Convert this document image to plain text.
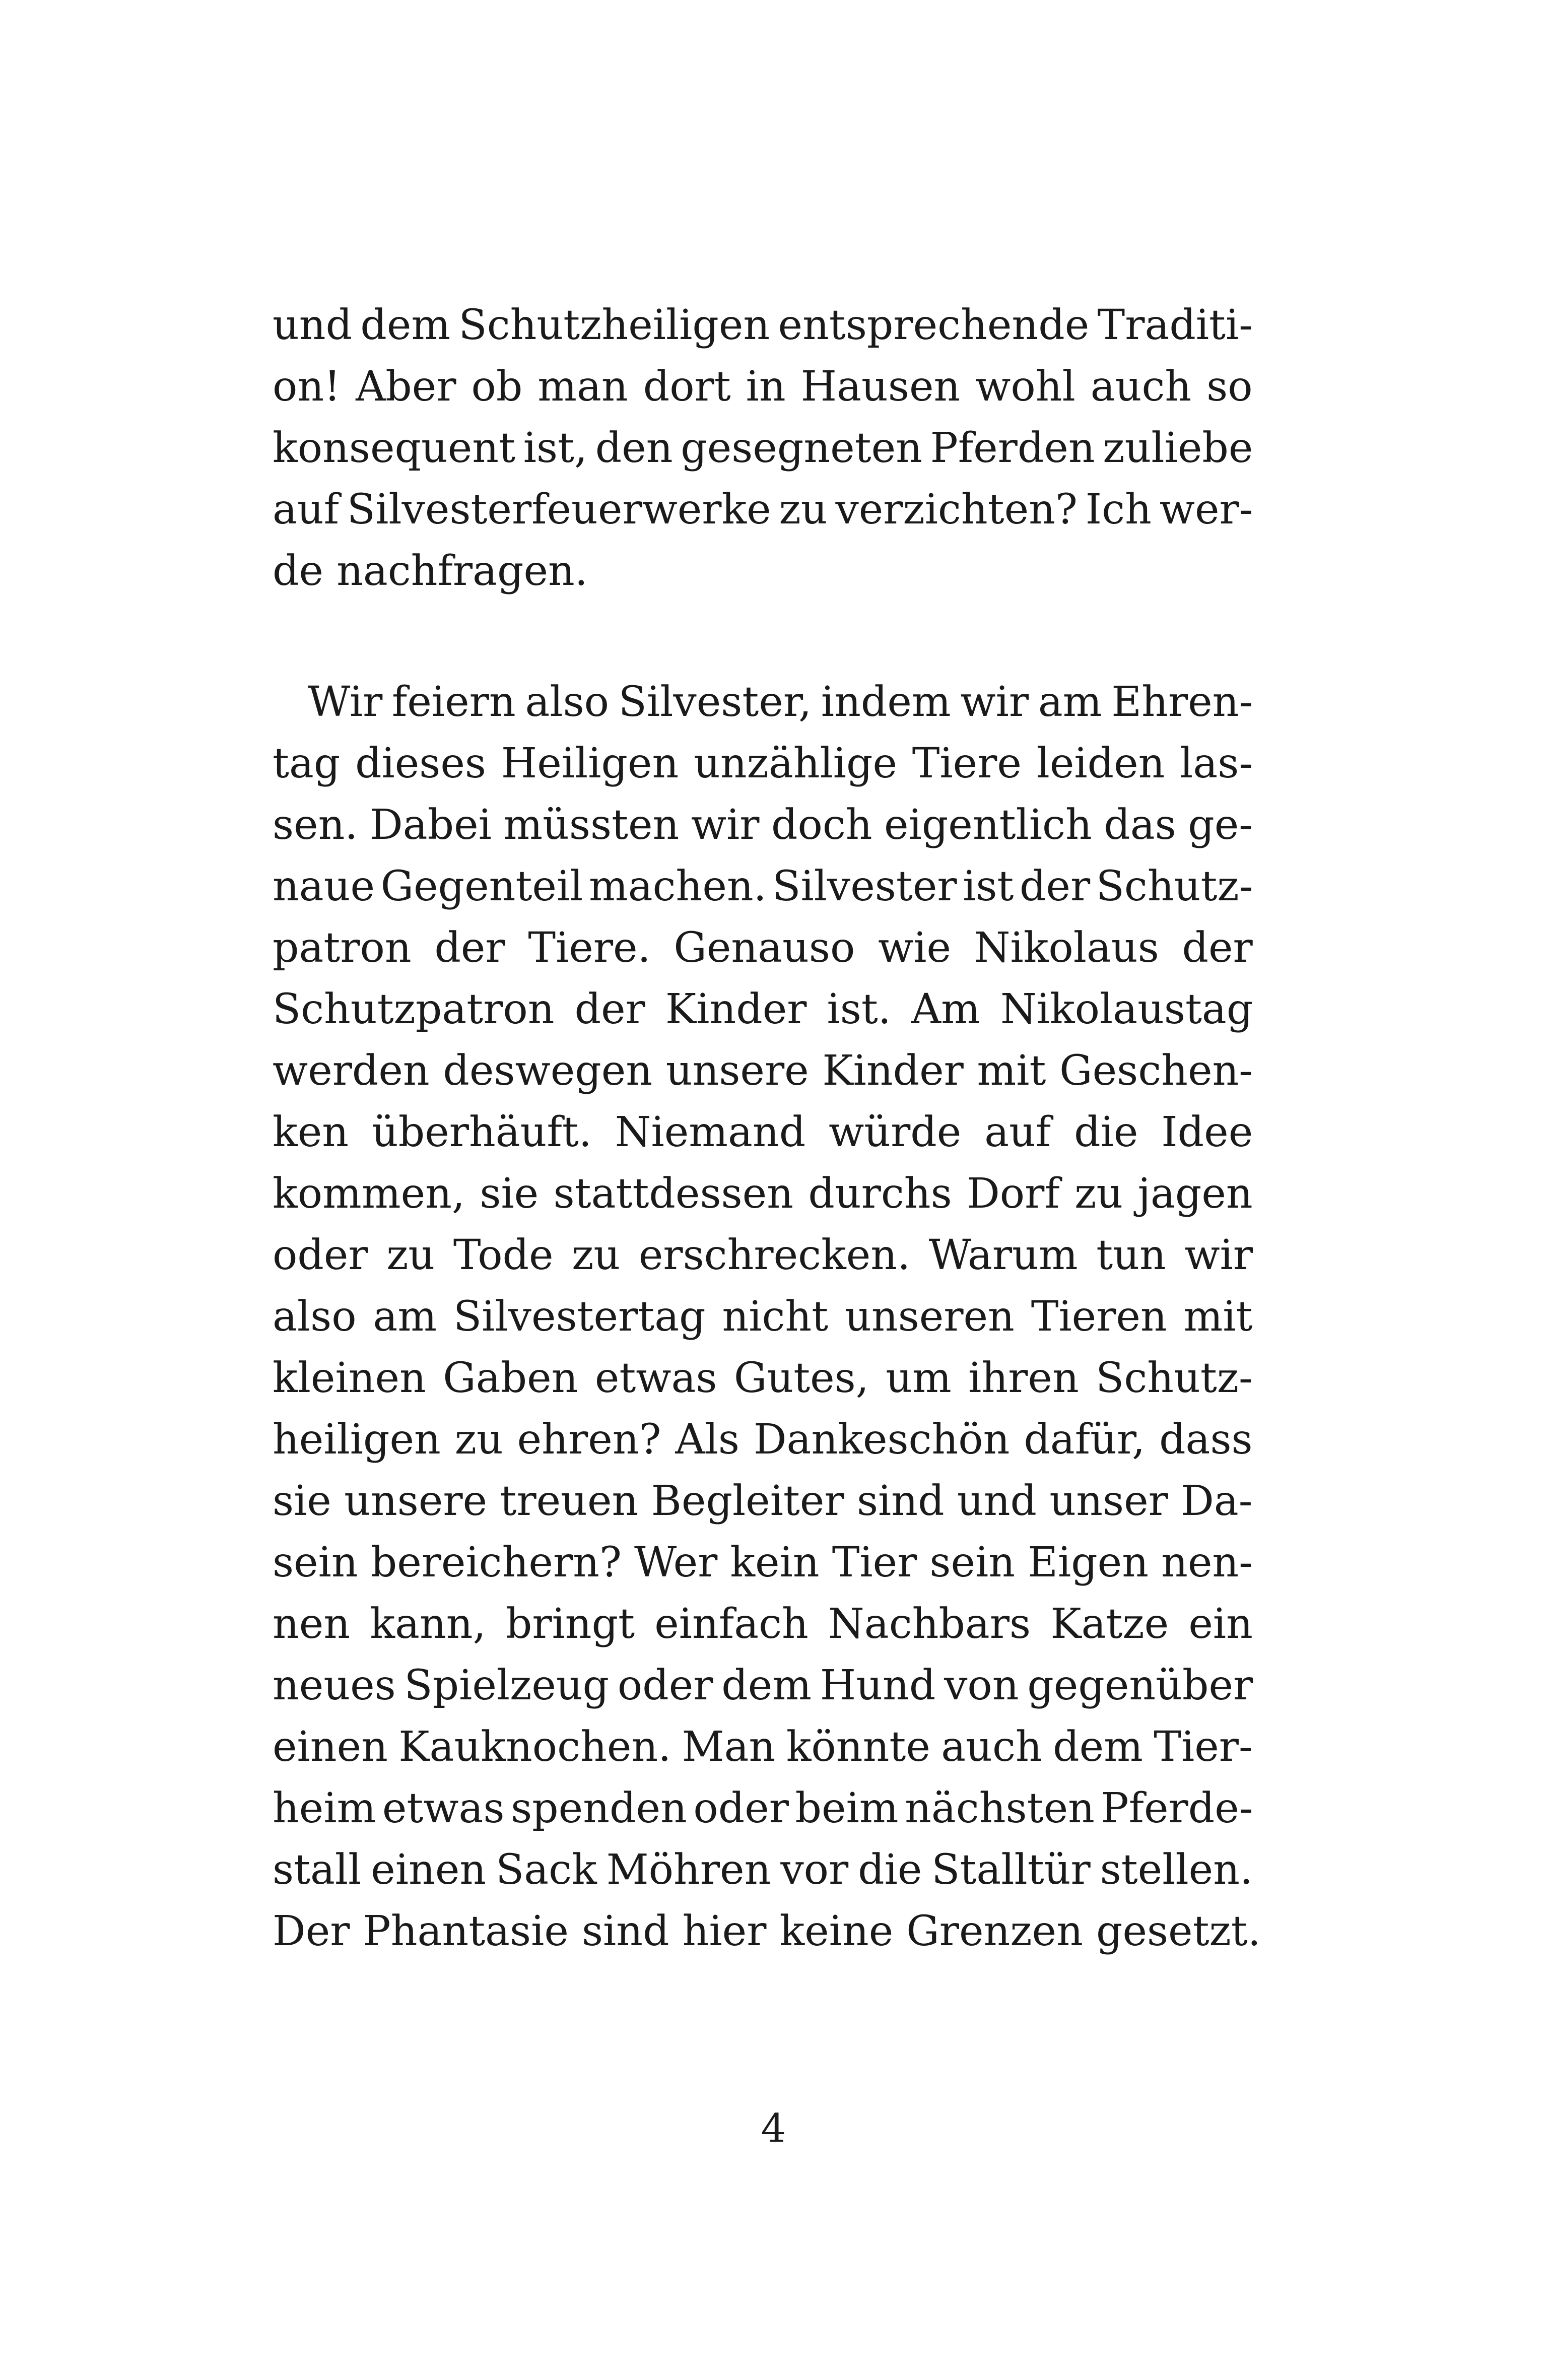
und dem Schutzheiligen entsprechende Traditi-
on! Aber ob man dort in Hausen wohl auch so
konsequent ist, den gesegneten Pferden zuliebe
auf Silvesterfeuerwerke zu verzichten? Ich wer-
de nachfragen.
Wir feiern also Silvester, indem wir am Ehren-
tag dieses Heiligen unzählige Tiere leiden las-
sen. Dabei müssten wir doch eigentlich das ge-
naue Gegenteil machen. Silvester ist der Schutz-
patron der Tiere. Genauso wie Nikolaus der
Schutzpatron der Kinder ist. Am Nikolaustag
werden deswegen unsere Kinder mit Geschen-
ken überhäuft. Niemand würde auf die Idee
kommen, sie stattdessen durchs Dorf zu jagen
oder zu Tode zu erschrecken. Warum tun wir
also am Silvestertag nicht unseren Tieren mit
kleinen Gaben etwas Gutes, um ihren Schutz-
heiligen zu ehren? Als Dankeschön dafür, dass
sie unsere treuen Begleiter sind und unser Da-
sein bereichern? Wer kein Tier sein Eigen nen-
nen kann, bringt einfach Nachbars Katze ein
neues Spielzeug oder dem Hund von gegenüber
einen Kauknochen. Man könnte auch dem Tier-
heim etwas spenden oder beim nächsten Pferde-
stall einen Sack Möhren vor die Stalltür stellen.
Der Phantasie sind hier keine Grenzen gesetzt.
4
